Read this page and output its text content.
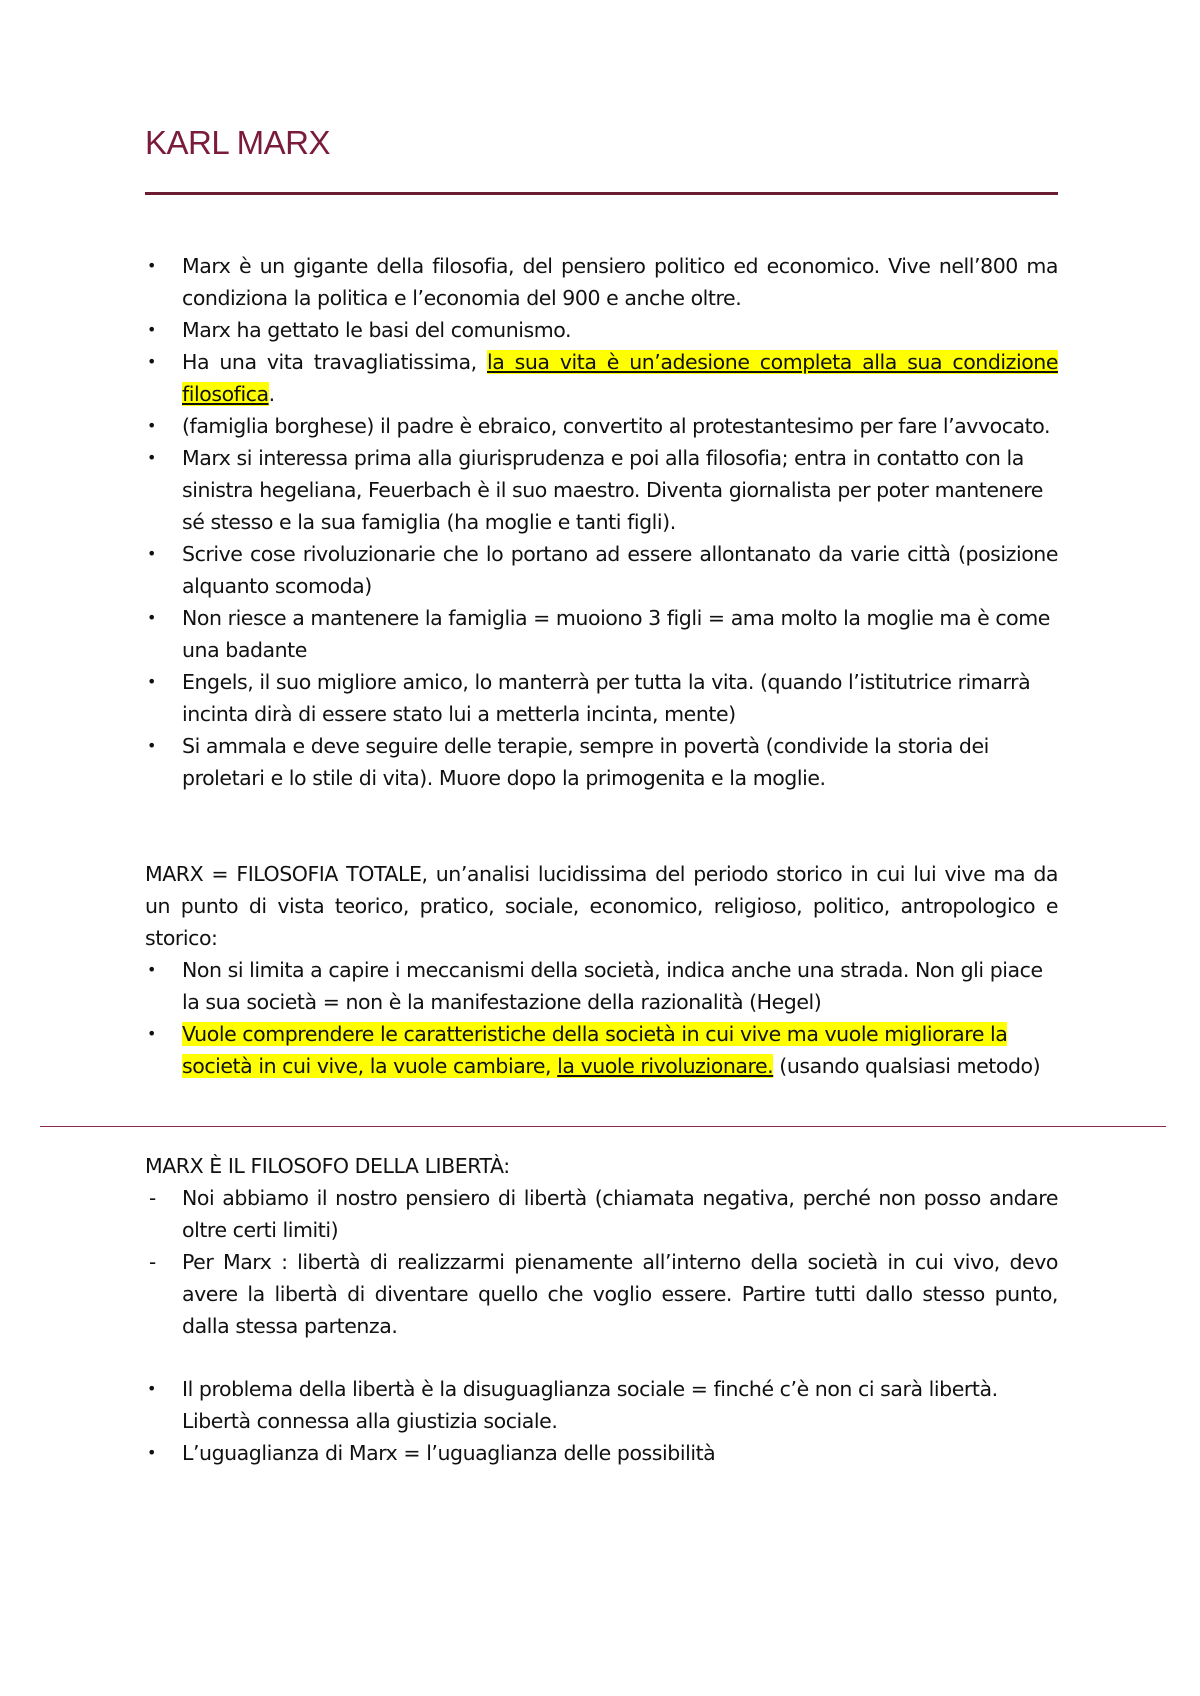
KARL MARX
•	Marx è un gigante della filosofia, del pensiero politico ed economico. Vive nell’800 ma condiziona la politica e l’economia del 900 e anche oltre.
•	Marx ha gettato le basi del comunismo.
•	Ha una vita travagliatissima, la sua vita è un’adesione completa alla sua condizione filosofica.
•	(famiglia borghese) il padre è ebraico, convertito al protestantesimo per fare l’avvocato.
•	Marx si interessa prima alla giurisprudenza e poi alla filosofia; entra in contatto con la sinistra hegeliana, Feuerbach è il suo maestro. Diventa giornalista per poter mantenere sé stesso e la sua famiglia (ha moglie e tanti figli).
•	Scrive cose rivoluzionarie che lo portano ad essere allontanato da varie città (posizione alquanto scomoda)
•	Non riesce a mantenere la famiglia = muoiono 3 figli = ama molto la moglie ma è come una badante
•	Engels, il suo migliore amico, lo manterrà per tutta la vita. (quando l’istitutrice rimarrà incinta dirà di essere stato lui a metterla incinta, mente)
•	Si ammala e deve seguire delle terapie, sempre in povertà (condivide la storia dei proletari e lo stile di vita). Muore dopo la primogenita e la moglie.

MARX = FILOSOFIA TOTALE, un’analisi lucidissima del periodo storico in cui lui vive ma da un punto di vista teorico, pratico, sociale, economico, religioso, politico, antropologico e storico:

•	Non si limita a capire i meccanismi della società, indica anche una strada. Non gli piace la sua società = non è la manifestazione della razionalità (Hegel)
•	Vuole comprendere le caratteristiche della società in cui vive ma vuole migliorare la società in cui vive, la vuole cambiare, la vuole rivoluzionare. (usando qualsiasi metodo)

MARX È IL FILOSOFO DELLA LIBERTÀ:

-	Noi abbiamo il nostro pensiero di libertà (chiamata negativa, perché non posso andare oltre certi limiti)
-	Per Marx : libertà di realizzarmi pienamente all’interno della società in cui vivo, devo avere la libertà di diventare quello che voglio essere. Partire tutti dallo stesso punto, dalla stessa partenza.
•	Il problema della libertà è la disuguaglianza sociale = finché c’è non ci sarà libertà. Libertà connessa alla giustizia sociale.
•	L’uguaglianza di Marx = l’uguaglianza delle possibilità
